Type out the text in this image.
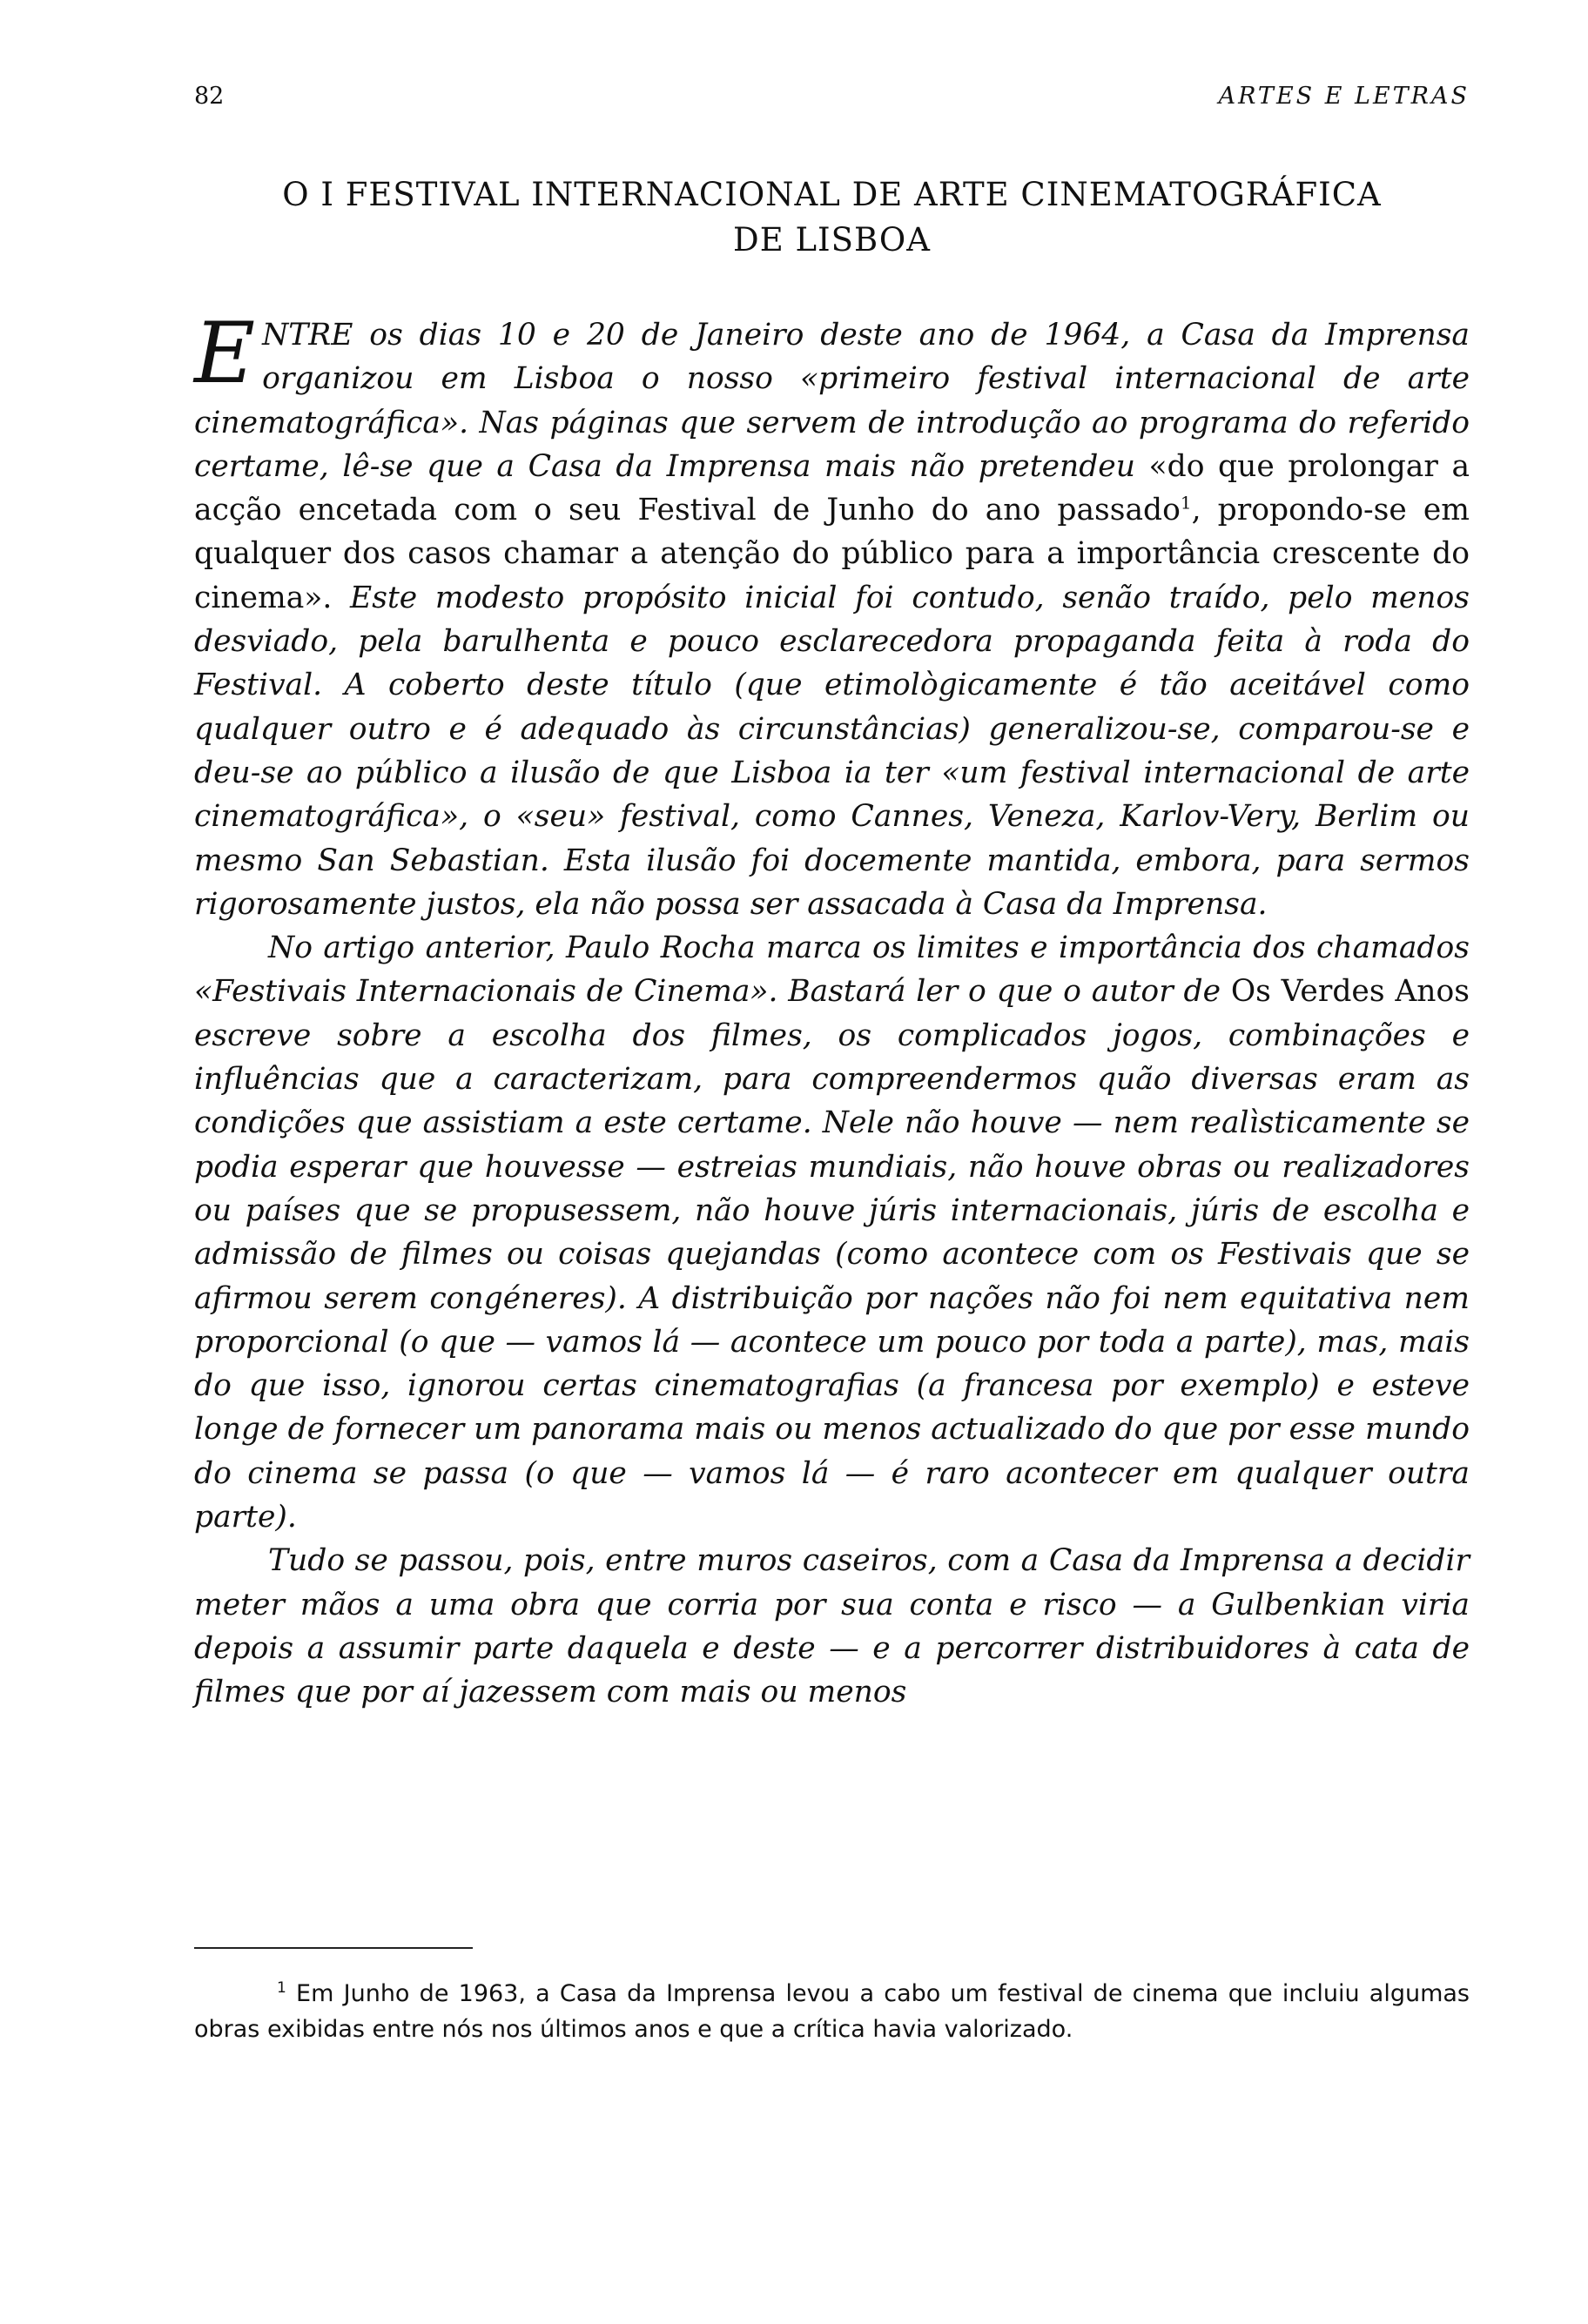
82	ARTES E LETRAS
O I FESTIVAL INTERNACIONAL DE ARTE CINEMATOGRÁFICA
DE LISBOA

ENTRE os dias 10 e 20 de Janeiro deste ano de 1964, a Casa da Imprensa organizou em Lisboa o nosso «primeiro festival internacional de arte cinematográfica». Nas páginas que servem de introdução ao programa do referido certame, lê-se que a Casa da Imprensa mais não pretendeu «do que prolongar a acção encetada com o seu Festival de Junho do ano passado$^1$, propondo-se em qualquer dos casos chamar a atenção do público para a importância crescente do cinema». Este modesto propósito inicial foi contudo, senão traído, pelo menos desviado, pela barulhenta e pouco esclarecedora propaganda feita à roda do Festival. A coberto deste título (que etimològicamente é tão aceitável como qualquer outro e é adequado às circunstâncias) generalizou-se, comparou-se e deu-se ao público a ilusão de que Lisboa ia ter «um festival internacional de arte cinematográfica», o «seu» festival, como Cannes, Veneza, Karlov-Very, Berlim ou mesmo San Sebastian. Esta ilusão foi docemente mantida, embora, para sermos rigorosamente justos, ela não possa ser assacada à Casa da Imprensa.

No artigo anterior, Paulo Rocha marca os limites e importância dos chamados «Festivais Internacionais de Cinema». Bastará ler o que o autor de Os Verdes Anos escreve sobre a escolha dos filmes, os complicados jogos, combinações e influências que a caracterizam, para compreendermos quão diversas eram as condições que assistiam a este certame. Nele não houve — nem realìsticamente se podia esperar que houvesse — estreias mundiais, não houve obras ou realizadores ou países que se propusessem, não houve júris internacionais, júris de escolha e admissão de filmes ou coisas quejandas (como acontece com os Festivais que se afirmou serem congéneres). A distribuição por nações não foi nem equitativa nem proporcional (o que — vamos lá — acontece um pouco por toda a parte), mas, mais do que isso, ignorou certas cinematografias (a francesa por exemplo) e esteve longe de fornecer um panorama mais ou menos actualizado do que por esse mundo do cinema se passa (o que — vamos lá — é raro acontecer em qualquer outra parte).

Tudo se passou, pois, entre muros caseiros, com a Casa da Imprensa a decidir meter mãos a uma obra que corria por sua conta e risco — a Gulbenkian viria depois a assumir parte daquela e deste — e a percorrer distribuidores à cata de filmes que por aí jazessem com mais ou menos

$^1$ Em Junho de 1963, a Casa da Imprensa levou a cabo um festival de cinema que incluiu algumas obras exibidas entre nós nos últimos anos e que a crítica havia valorizado.
